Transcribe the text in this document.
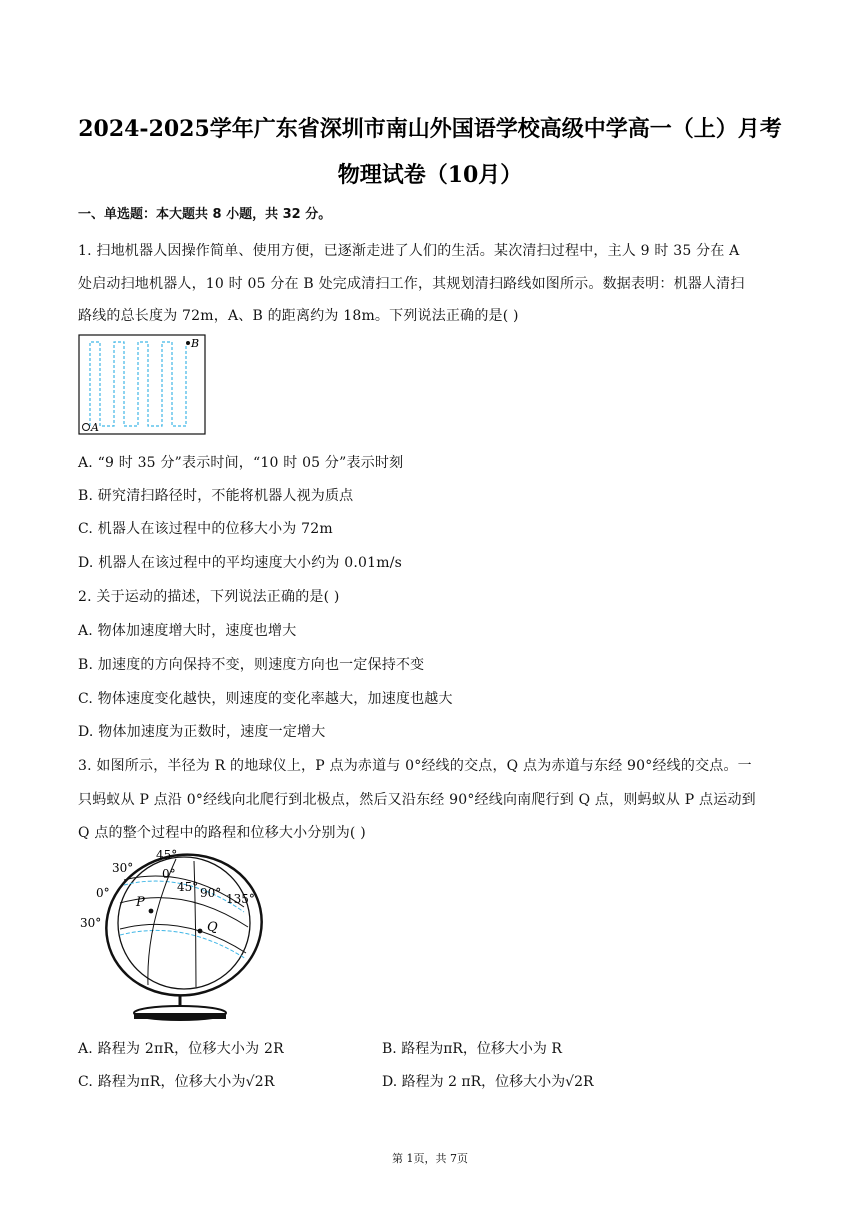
2024-2025学年广东省深圳市南山外国语学校高级中学高一（上）月考
物理试卷（10月）
一、单选题：本大题共 8 小题，共 32 分。
1. 扫地机器人因操作简单、使用方便，已逐渐走进了人们的生活。某次清扫过程中，主人 9 时 35 分在 A
处启动扫地机器人，10 时 05 分在 B 处完成清扫工作，其规划清扫路线如图所示。数据表明：机器人清扫
路线的总长度为 72m，A、B 的距离约为 18m。下列说法正确的是( )
A
B
A. “9 时 35 分”表示时间，“10 时 05 分”表示时刻
B. 研究清扫路径时，不能将机器人视为质点
C. 机器人在该过程中的位移大小为 72m
D. 机器人在该过程中的平均速度大小约为 0.01m/s
2. 关于运动的描述，下列说法正确的是( )
A. 物体加速度增大时，速度也增大
B. 加速度的方向保持不变，则速度方向也一定保持不变
C. 物体速度变化越快，则速度的变化率越大，加速度也越大
D. 物体加速度为正数时，速度一定增大
3. 如图所示，半径为 R 的地球仪上，P 点为赤道与 0°经线的交点，Q 点为赤道与东经 90°经线的交点。一
只蚂蚁从 P 点沿 0°经线向北爬行到北极点，然后又沿东经 90°经线向南爬行到 Q 点，则蚂蚁从 P 点运动到
Q 点的整个过程中的路程和位移大小分别为( )
45°
30°
0°
30°
0°
45° 90° 135°
P
Q
A. 路程为 2πR，位移大小为 2R	B. 路程为πR，位移大小为 R
C. 路程为πR，位移大小为√2R	D. 路程为 2 πR，位移大小为√2R
第 1页，共 7页
